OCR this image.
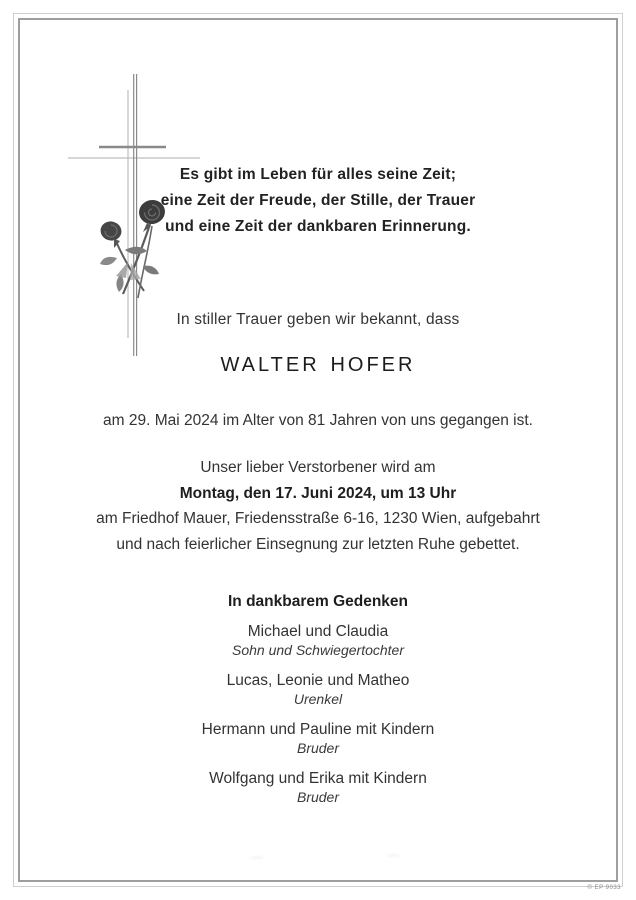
Es gibt im Leben für alles seine Zeit;
eine Zeit der Freude, der Stille, der Trauer
und eine Zeit der dankbaren Erinnerung.
In stiller Trauer geben wir bekannt, dass
walter hofer
am 29. Mai 2024 im Alter von 81 Jahren von uns gegangen ist.
Unser lieber Verstorbener wird am
Montag, den 17. Juni 2024, um 13 Uhr
am Friedhof Mauer, Friedensstraße 6-16, 1230 Wien, aufgebahrt
und nach feierlicher Einsegnung zur letzten Ruhe gebettet.
In dankbarem Gedenken
Michael und Claudia
Sohn und Schwiegertochter
Lucas, Leonie und Matheo
Urenkel
Hermann und Pauline mit Kindern
Bruder
Wolfgang und Erika mit Kindern
Bruder
© EP 9033
